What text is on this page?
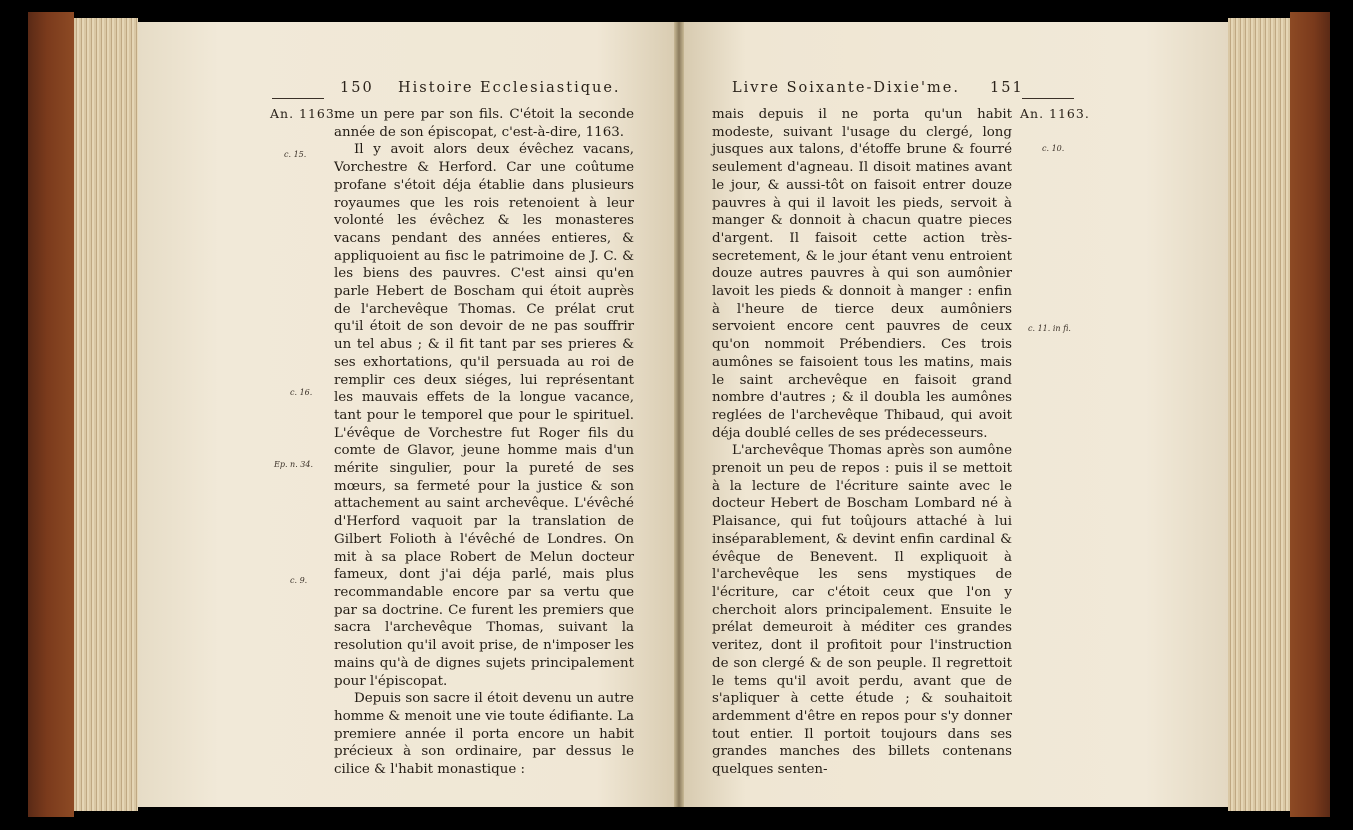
150 Histoire Ecclesiastique.
An. 1163.
c. 15.
c. 16.
Ep. n. 34.
c. 9.

me un pere par son fils. C'étoit la seconde année de son épiscopat, c'est-à-dire, 1163.

Il y avoit alors deux évêchez vacans, Vorchestre & Herford. Car une coûtume profane s'étoit déja établie dans plusieurs royaumes que les rois retenoient à leur volonté les évêchez & les monasteres vacans pendant des années entieres, & appliquoient au fisc le patrimoine de J. C. & les biens des pauvres. C'est ainsi qu'en parle Hebert de Boscham qui étoit auprès de l'archevêque Thomas. Ce prélat crut qu'il étoit de son devoir de ne pas souffrir un tel abus ; & il fit tant par ses prieres & ses exhortations, qu'il persuada au roi de remplir ces deux siéges, lui représentant les mauvais effets de la longue vacance, tant pour le temporel que pour le spirituel. L'évêque de Vorchestre fut Roger fils du comte de Glavor, jeune homme mais d'un mérite singulier, pour la pureté de ses mœurs, sa fermeté pour la justice & son attachement au saint archevêque. L'évêché d'Herford vaquoit par la translation de Gilbert Folioth à l'évêché de Londres. On mit à sa place Robert de Melun docteur fameux, dont j'ai déja parlé, mais plus recommandable encore par sa vertu que par sa doctrine. Ce furent les premiers que sacra l'archevêque Thomas, suivant la resolution qu'il avoit prise, de n'imposer les mains qu'à de dignes sujets principalement pour l'épiscopat.

Depuis son sacre il étoit devenu un autre homme & menoit une vie toute édifiante. La premiere année il porta encore un habit précieux à son ordinaire, par dessus le cilice & l'habit monastique :

Livre Soixante-Dixie'me. 151
An. 1163.
c. 10.
c. 11. in fi.

mais depuis il ne porta qu'un habit modeste, suivant l'usage du clergé, long jusques aux talons, d'étoffe brune & fourré seulement d'agneau. Il disoit matines avant le jour, & aussi-tôt on faisoit entrer douze pauvres à qui il lavoit les pieds, servoit à manger & donnoit à chacun quatre pieces d'argent. Il faisoit cette action très-secretement, & le jour étant venu entroient douze autres pauvres à qui son aumônier lavoit les pieds & donnoit à manger : enfin à l'heure de tierce deux aumôniers servoient encore cent pauvres de ceux qu'on nommoit Prébendiers. Ces trois aumônes se faisoient tous les matins, mais le saint archevêque en faisoit grand nombre d'autres ; & il doubla les aumônes reglées de l'archevêque Thibaud, qui avoit déja doublé celles de ses prédecesseurs.

L'archevêque Thomas après son aumône prenoit un peu de repos : puis il se mettoit à la lecture de l'écriture sainte avec le docteur Hebert de Boscham Lombard né à Plaisance, qui fut toûjours attaché à lui inséparablement, & devint enfin cardinal & évêque de Benevent. Il expliquoit à l'archevêque les sens mystiques de l'écriture, car c'étoit ceux que l'on y cherchoit alors principalement. Ensuite le prélat demeuroit à méditer ces grandes veritez, dont il profitoit pour l'instruction de son clergé & de son peuple. Il regrettoit le tems qu'il avoit perdu, avant que de s'apliquer à cette étude ; & souhaitoit ardemment d'être en repos pour s'y donner tout entier. Il portoit toujours dans ses grandes manches des billets contenans quelques senten-
